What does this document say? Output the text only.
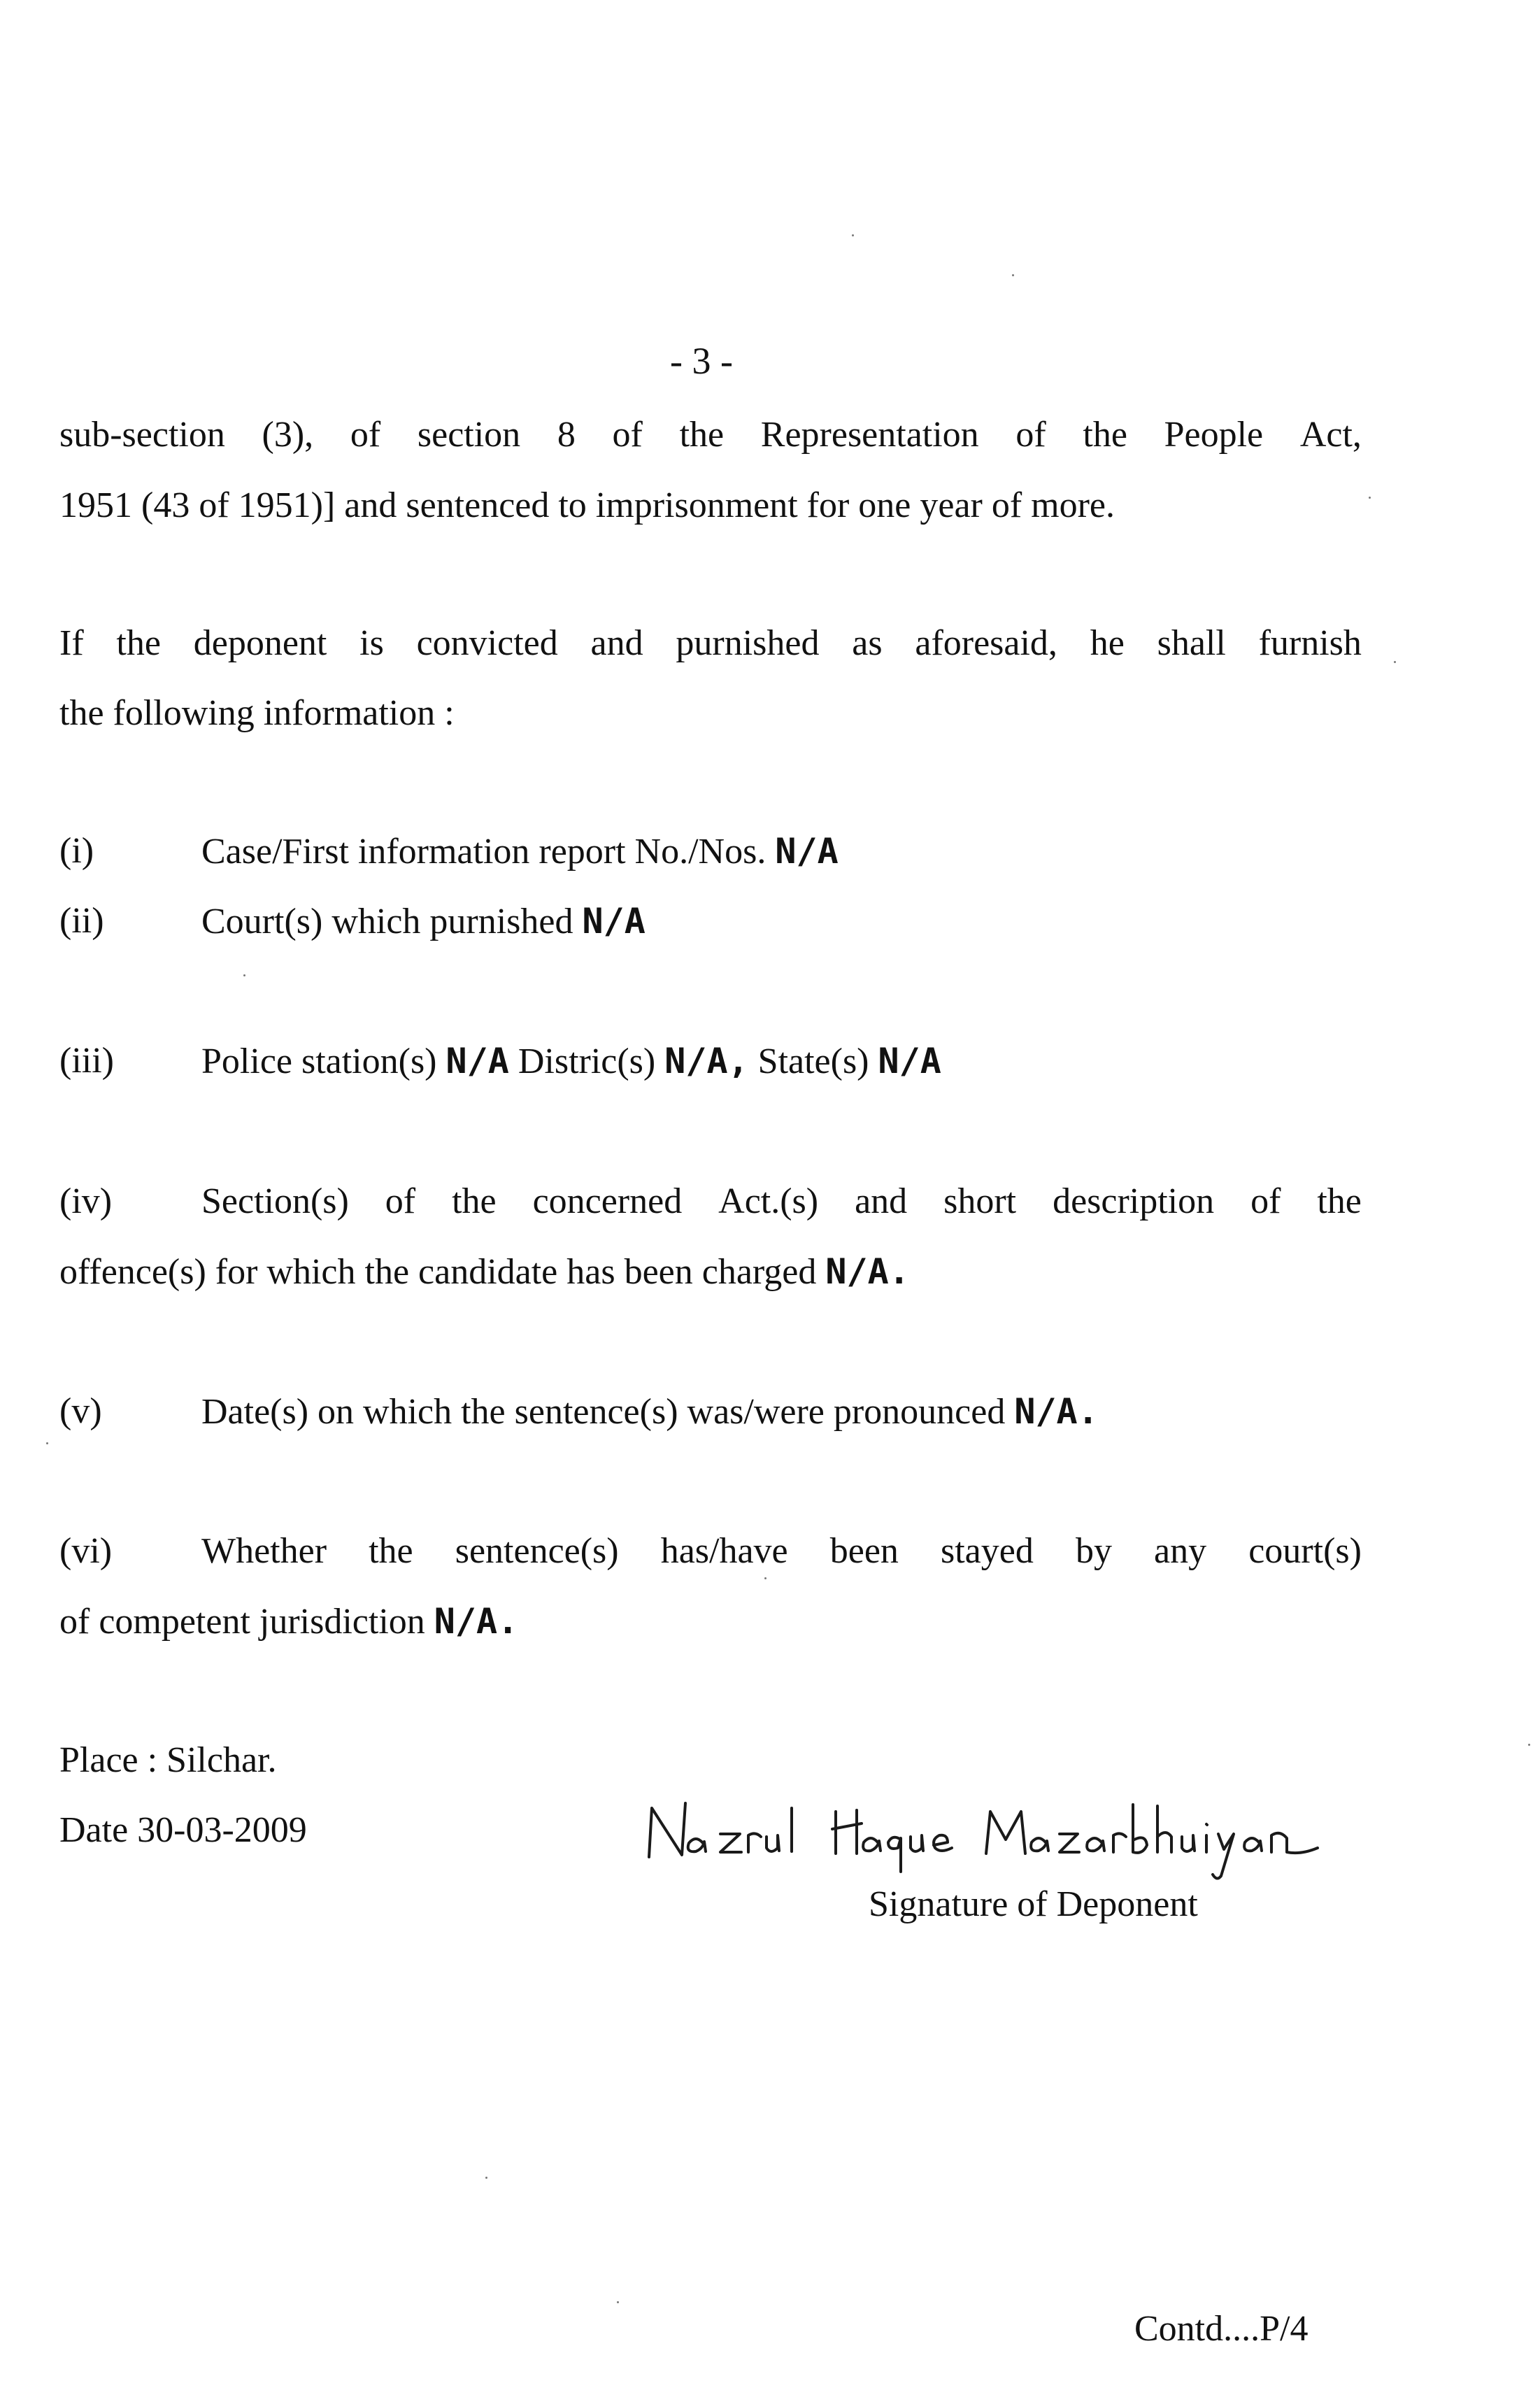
- 3 -
sub-section (3), of section 8 of the Representation of the People Act,
1951 (43 of 1951)] and sentenced to imprisonment for one year of more.
If the deponent is convicted and purnished as aforesaid, he shall furnish
the following information :
(i)	Case/First information report No./Nos. N/A
(ii)	Court(s) which purnished N/A
(iii) Police station(s) N/A Distric(s) N/A, State(s) N/A
(iv) Section(s) of the concerned Act.(s) and short description of the
offence(s) for which the candidate has been charged N/A.
(v)	Date(s) on which the sentence(s) was/were pronounced N/A.
(vi) Whether the sentence(s) has/have been stayed by any court(s)
of competent jurisdiction N/A.
Place : Silchar.
Date 30-03-2009
Signature of Deponent
Contd....P/4
